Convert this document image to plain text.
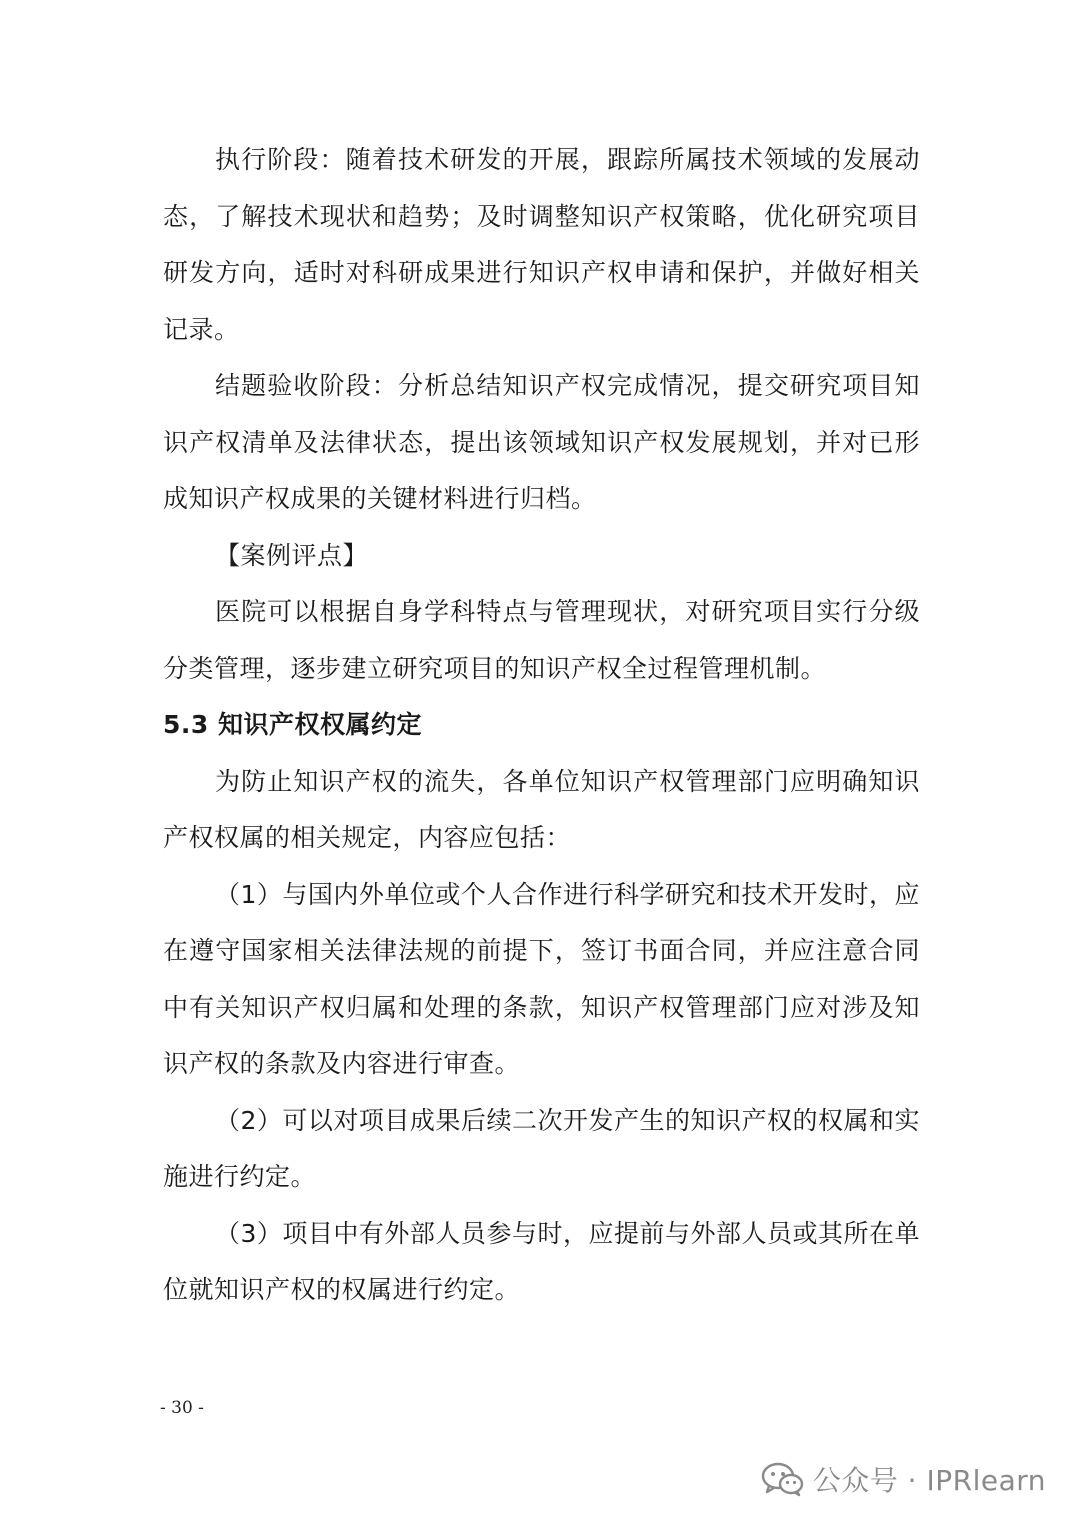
执行阶段：随着技术研发的开展，跟踪所属技术领域的发展动态，了解技术现状和趋势；及时调整知识产权策略，优化研究项目研发方向，适时对科研成果进行知识产权申请和保护，并做好相关记录。

结题验收阶段：分析总结知识产权完成情况，提交研究项目知识产权清单及法律状态，提出该领域知识产权发展规划，并对已形成知识产权成果的关键材料进行归档。

【案例评点】

医院可以根据自身学科特点与管理现状，对研究项目实行分级分类管理，逐步建立研究项目的知识产权全过程管理机制。

5.3 知识产权权属约定

为防止知识产权的流失，各单位知识产权管理部门应明确知识产权权属的相关规定，内容应包括：

（1）与国内外单位或个人合作进行科学研究和技术开发时，应在遵守国家相关法律法规的前提下，签订书面合同，并应注意合同中有关知识产权归属和处理的条款，知识产权管理部门应对涉及知识产权的条款及内容进行审查。

（2）可以对项目成果后续二次开发产生的知识产权的权属和实施进行约定。

（3）项目中有外部人员参与时，应提前与外部人员或其所在单位就知识产权的权属进行约定。

- 30 -
公众号 · IPRlearn
